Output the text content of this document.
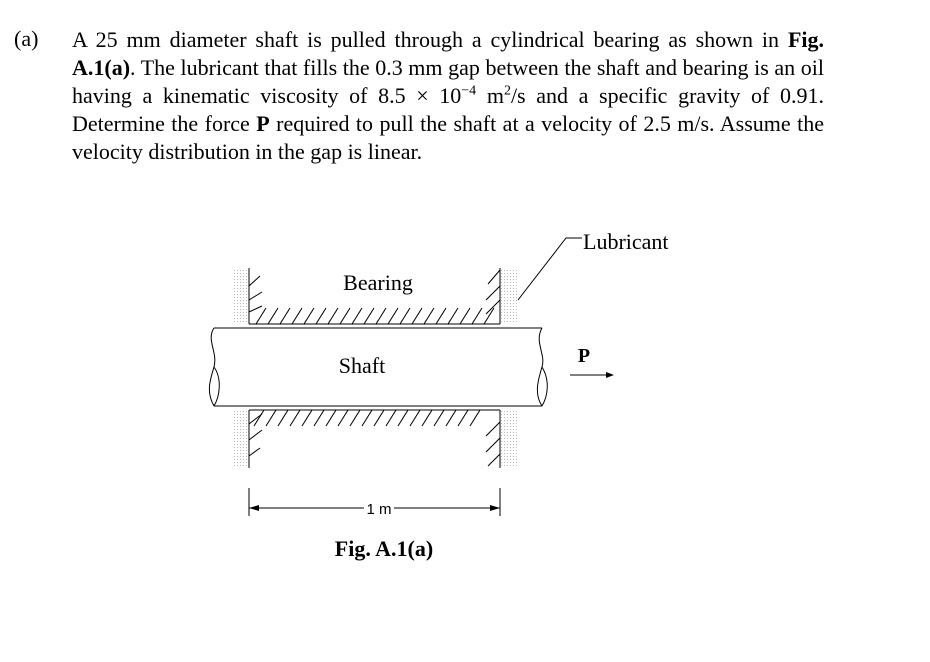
(a) A 25 mm diameter shaft is pulled through a cylindrical bearing as shown in Fig. A.1(a). The lubricant that fills the 0.3 mm gap between the shaft and bearing is an oil having a kinematic viscosity of $8.5 \times 10^{-4}$ $m^2/s$ and a specific gravity of 0.91. Determine the force P required to pull the shaft at a velocity of 2.5 m/s. Assume the velocity distribution in the gap is linear.
Lubricant
Bearing
Shaft	P
1 m
Fig. A.1(a)
